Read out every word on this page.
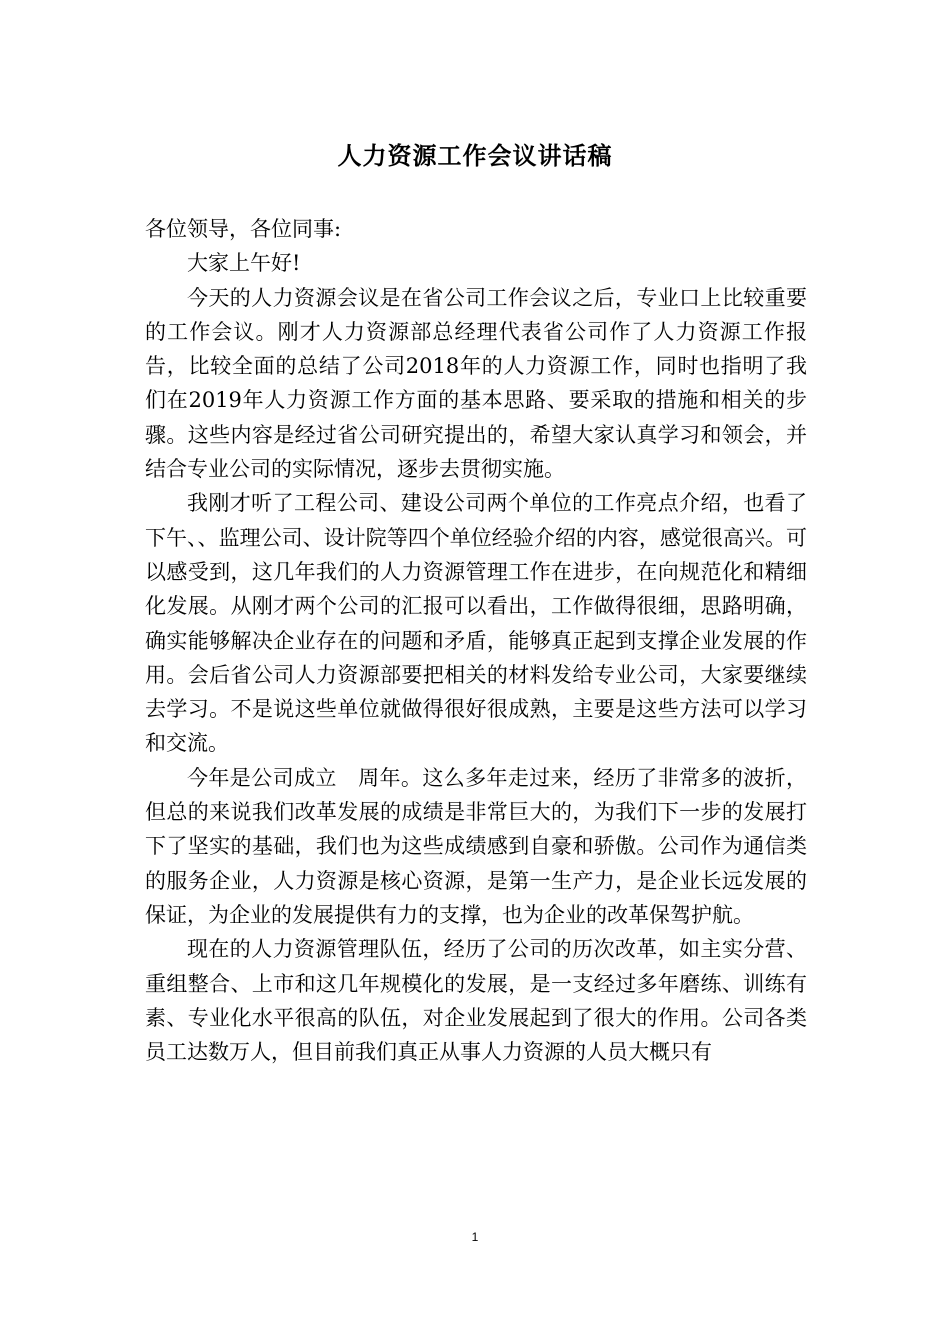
人力资源工作会议讲话稿

各位领导，各位同事:

大家上午好!

今天的人力资源会议是在省公司工作会议之后，专业口上比较重要的工作会议。刚才人力资源部总经理代表省公司作了人力资源工作报告，比较全面的总结了公司2018年的人力资源工作，同时也指明了我们在2019年人力资源工作方面的基本思路、要采取的措施和相关的步骤。这些内容是经过省公司研究提出的，希望大家认真学习和领会，并结合专业公司的实际情况，逐步去贯彻实施。

我刚才听了工程公司、建设公司两个单位的工作亮点介绍，也看了下午、、监理公司、设计院等四个单位经验介绍的内容，感觉很高兴。可以感受到，这几年我们的人力资源管理工作在进步，在向规范化和精细化发展。从刚才两个公司的汇报可以看出，工作做得很细，思路明确，确实能够解决企业存在的问题和矛盾，能够真正起到支撑企业发展的作用。会后省公司人力资源部要把相关的材料发给专业公司，大家要继续去学习。不是说这些单位就做得很好很成熟，主要是这些方法可以学习和交流。

今年是公司成立　周年。这么多年走过来，经历了非常多的波折，但总的来说我们改革发展的成绩是非常巨大的，为我们下一步的发展打下了坚实的基础，我们也为这些成绩感到自豪和骄傲。公司作为通信类的服务企业，人力资源是核心资源，是第一生产力，是企业长远发展的保证，为企业的发展提供有力的支撑，也为企业的改革保驾护航。

现在的人力资源管理队伍，经历了公司的历次改革，如主实分营、重组整合、上市和这几年规模化的发展，是一支经过多年磨练、训练有素、专业化水平很高的队伍，对企业发展起到了很大的作用。公司各类员工达数万人，但目前我们真正从事人力资源的人员大概只有

1
